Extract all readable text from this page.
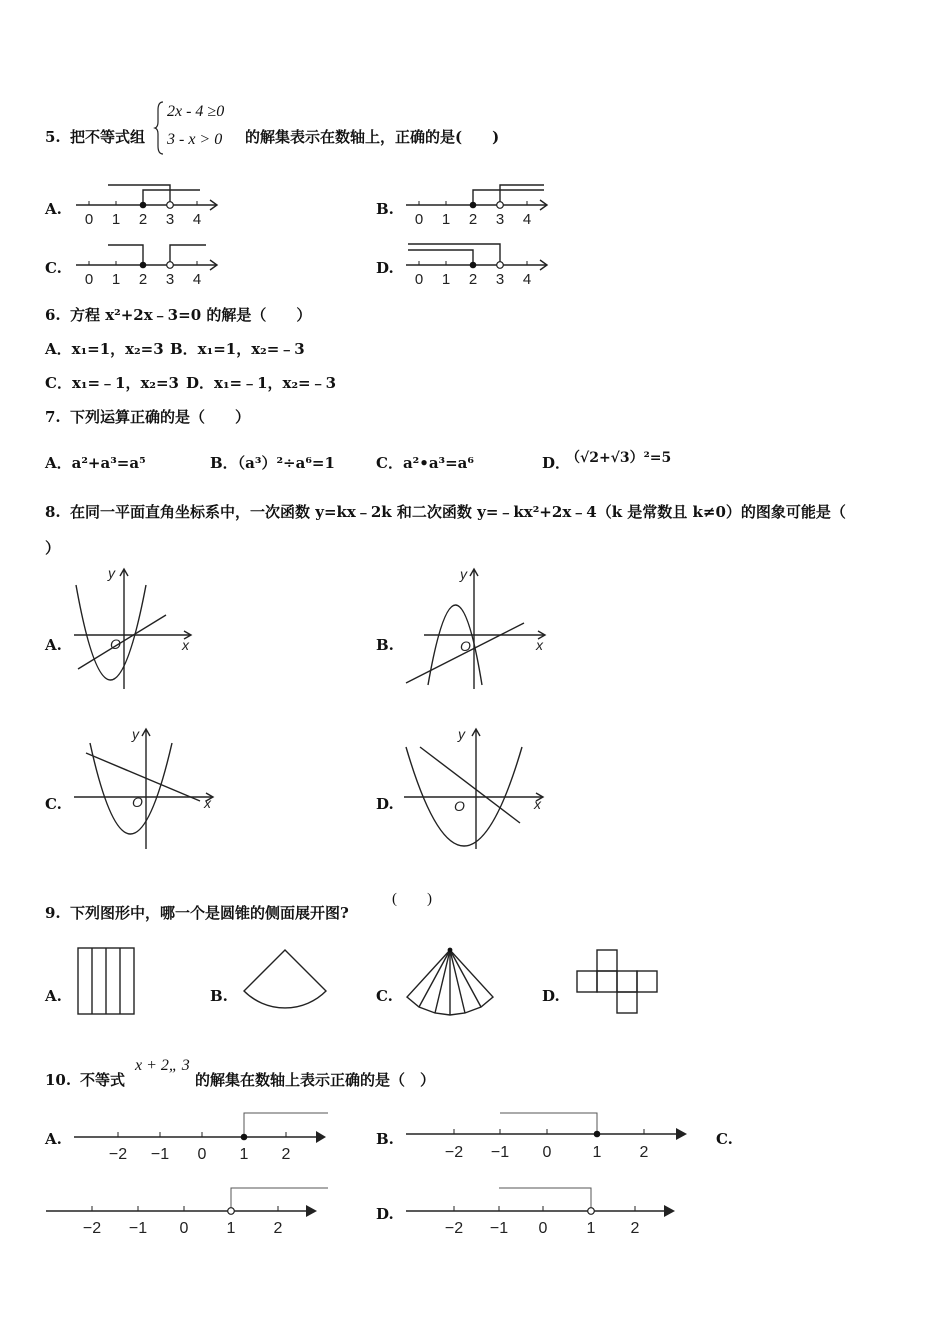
5. 把不等式组
2x - 4 ≥0
3 - x > 0 的解集表示在数轴上，正确的是(　　)
A.
0 1 2 3 4
B.
0 1 2 3 4
C.
0 1 2 3 4
D.
0 1 2 3 4
6. 方程 x²+2x﹣3=0 的解是（　　）
A．x₁=1，x₂=3 B．x₁=1，x₂=﹣3
C．x₁=﹣1，x₂=3 D．x₁=﹣1，x₂=﹣3
7. 下列运算正确的是（　　）
A．a²+a³=a⁵	B．（a³）²÷a⁶=1	C．a²•a³=a⁶	D．
（√2+√3）²=5
8. 在同一平面直角坐标系中，一次函数 y=kx﹣2k 和二次函数 y=﹣kx²+2x﹣4（k 是常数且 k≠0）的图象可能是（
）
A.
y
x
O	B.
y
x
O
C.
y
x
O	D.
y
x
O
9. 下列图形中，哪一个是圆锥的侧面展开图?
(　　)
A.	B.	C.	D.
10. 不等式
x + 2„ 3
的解集在数轴上表示正确的是（　）
A.
−2 −1 0 1 2
B.
−2 −1 0	1 2
C.
−2 −1 0 1 2
D.
−2 −1 0 1 2
